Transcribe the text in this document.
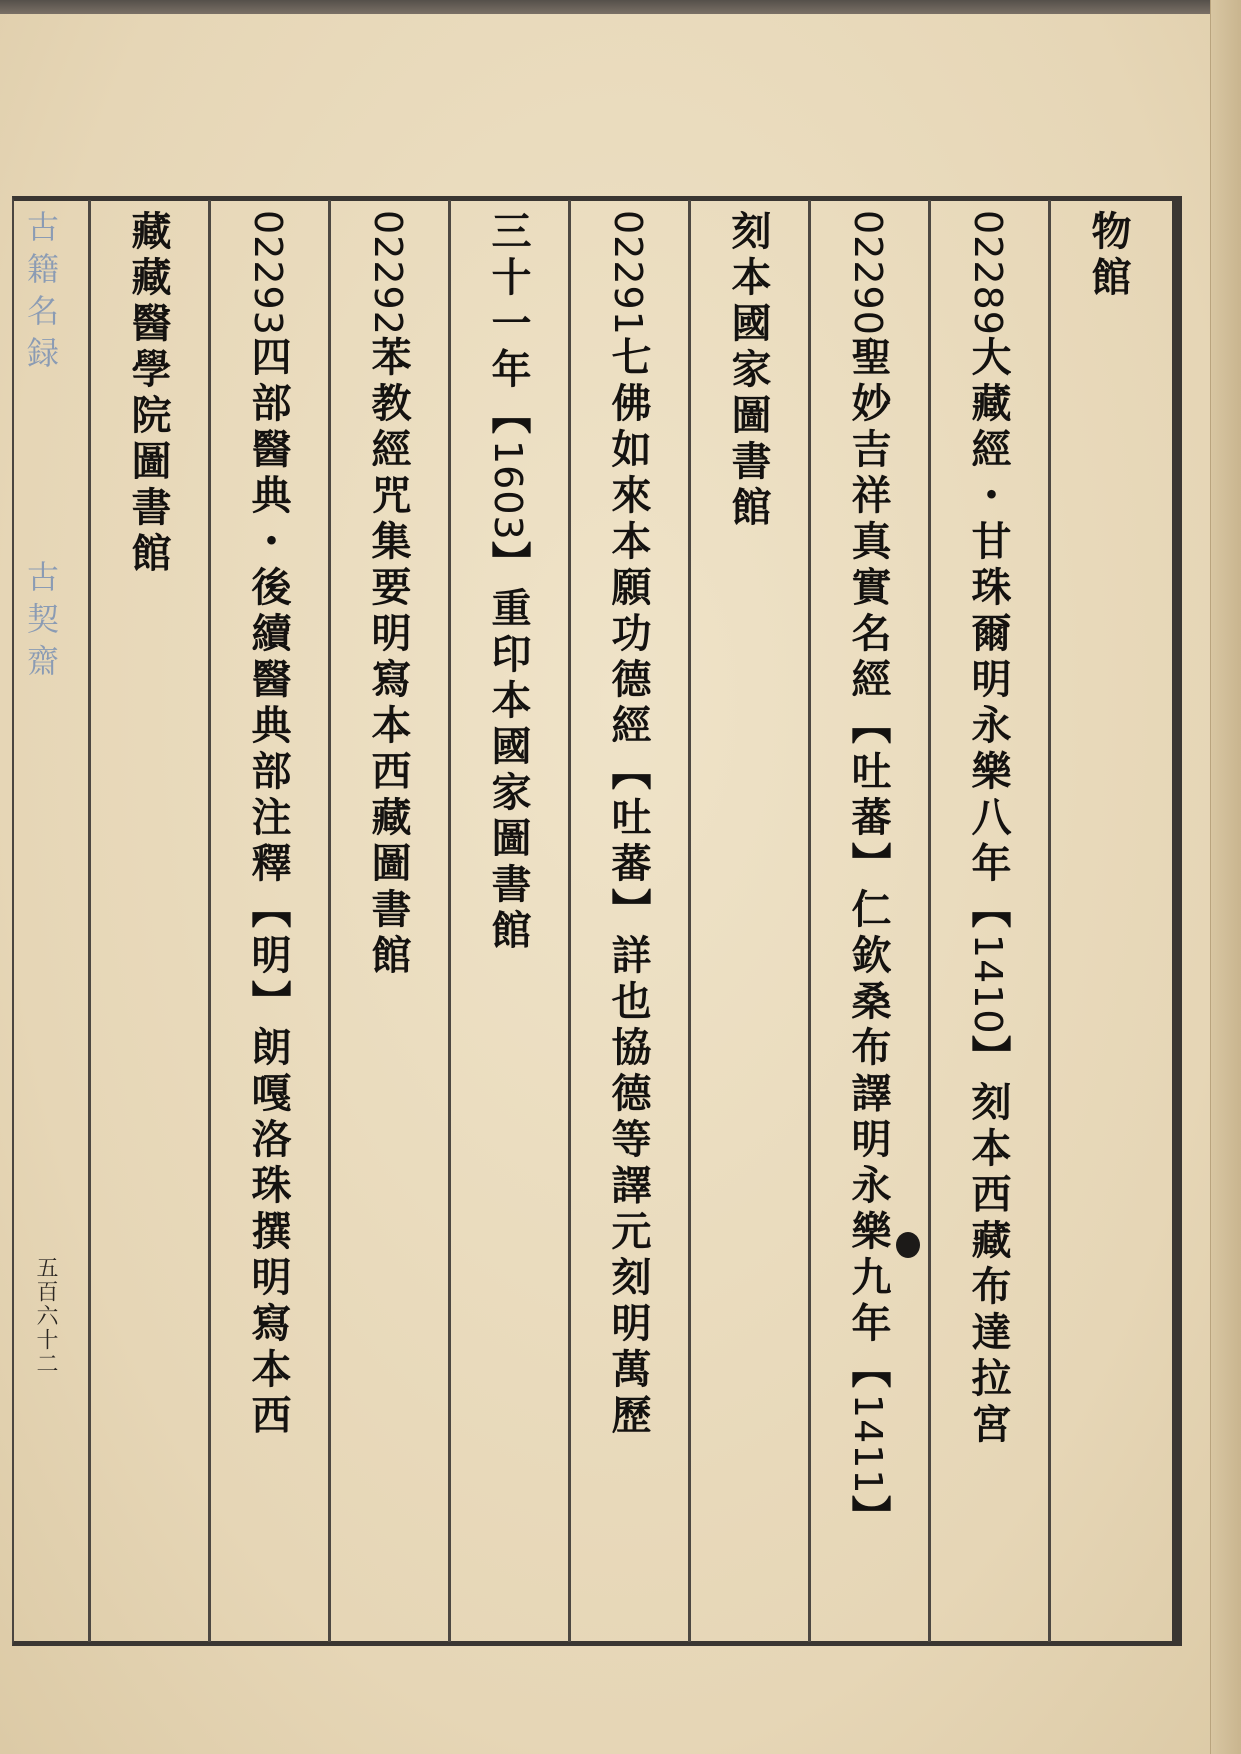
物館
02289大藏經・甘珠爾明永樂八年【1410】刻本西藏布達拉宮
02290聖妙吉祥真實名經【吐蕃】仁欽桑布譯明永樂九年【1411】
刻本國家圖書館
02291七佛如來本願功德經【吐蕃】詳也協德等譯元刻明萬歷
三十一年【1603】重印本國家圖書館
02292苯教經咒集要明寫本西藏圖書館
02293四部醫典・後續醫典部注釋【明】朗嘎洛珠撰明寫本西
藏藏醫學院圖書館
古籍名録
古契齋
五百六十二
